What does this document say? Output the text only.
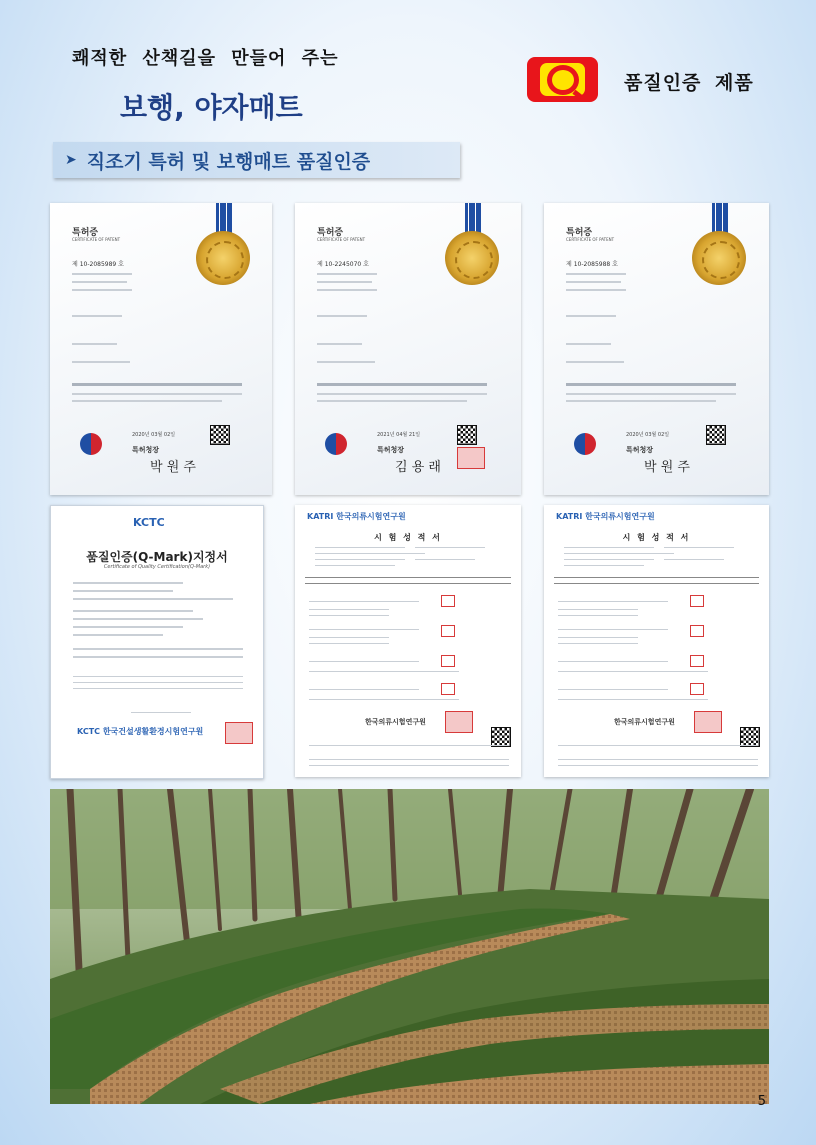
쾌적한 산책길을 만들어 주는
보행, 야자매트
품질인증 제품
➤ 직조기 특허 및 보행매트 품질인증
특허증
CERTIFICATE OF PATENT
제 10-2085989 호
2020년 03월 02일
특허청장
박 원 주
특허증
CERTIFICATE OF PATENT
제 10-2245070 호
2021년 04월 21일
특허청장
김 용 래
특허증
CERTIFICATE OF PATENT
제 10-2085988 호
2020년 03월 02일
특허청장
박 원 주
KCTC
품질인증(Q-Mark)지정서
Certificate of Quality Certification(Q-Mark)
KCTC 한국건설생활환경시험연구원
KATRI 한국의류시험연구원
시 험 성 적 서
한국의류시험연구원
KATRI 한국의류시험연구원
시 험 성 적 서
한국의류시험연구원
5
